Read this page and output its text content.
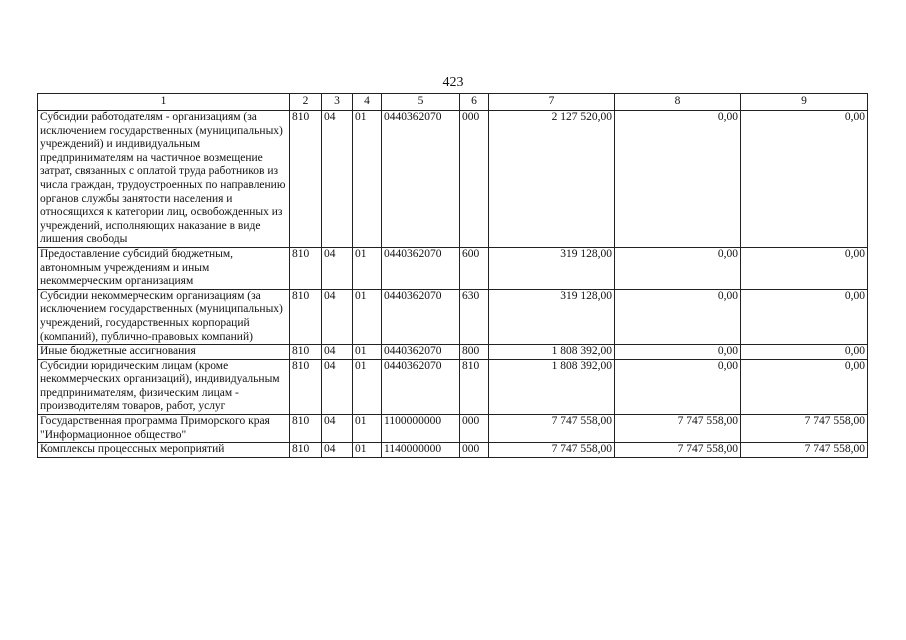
423
1	2	3	4	5	6	7	8	9
Субсидии работодателям - организациям (за исключением государственных (муниципальных) учреждений) и индивидуальным предпринимателям на частичное возмещение затрат, связанных с оплатой труда работников из числа граждан, трудоустроенных по направлению органов службы занятости населения и относящихся к категории лиц, освобожденных из учреждений, исполняющих наказание в виде лишения свободы	810	04	01	0440362070	000	2 127 520,00	0,00	0,00
Предоставление субсидий бюджетным, автономным учреждениям и иным некоммерческим организациям	810	04	01	0440362070	600	319 128,00	0,00	0,00
Субсидии некоммерческим организациям (за исключением государственных (муниципальных) учреждений, государственных корпораций (компаний), публично-правовых компаний)	810	04	01	0440362070	630	319 128,00	0,00	0,00
Иные бюджетные ассигнования	810	04	01	0440362070	800	1 808 392,00	0,00	0,00
Субсидии юридическим лицам (кроме некоммерческих организаций), индивидуальным предпринимателям, физическим лицам - производителям товаров, работ, услуг	810	04	01	0440362070	810	1 808 392,00	0,00	0,00
Государственная программа Приморского края "Информационное общество"	810	04	01	1100000000	000	7 747 558,00	7 747 558,00	7 747 558,00
Комплексы процессных мероприятий	810	04	01	1140000000	000	7 747 558,00	7 747 558,00	7 747 558,00
